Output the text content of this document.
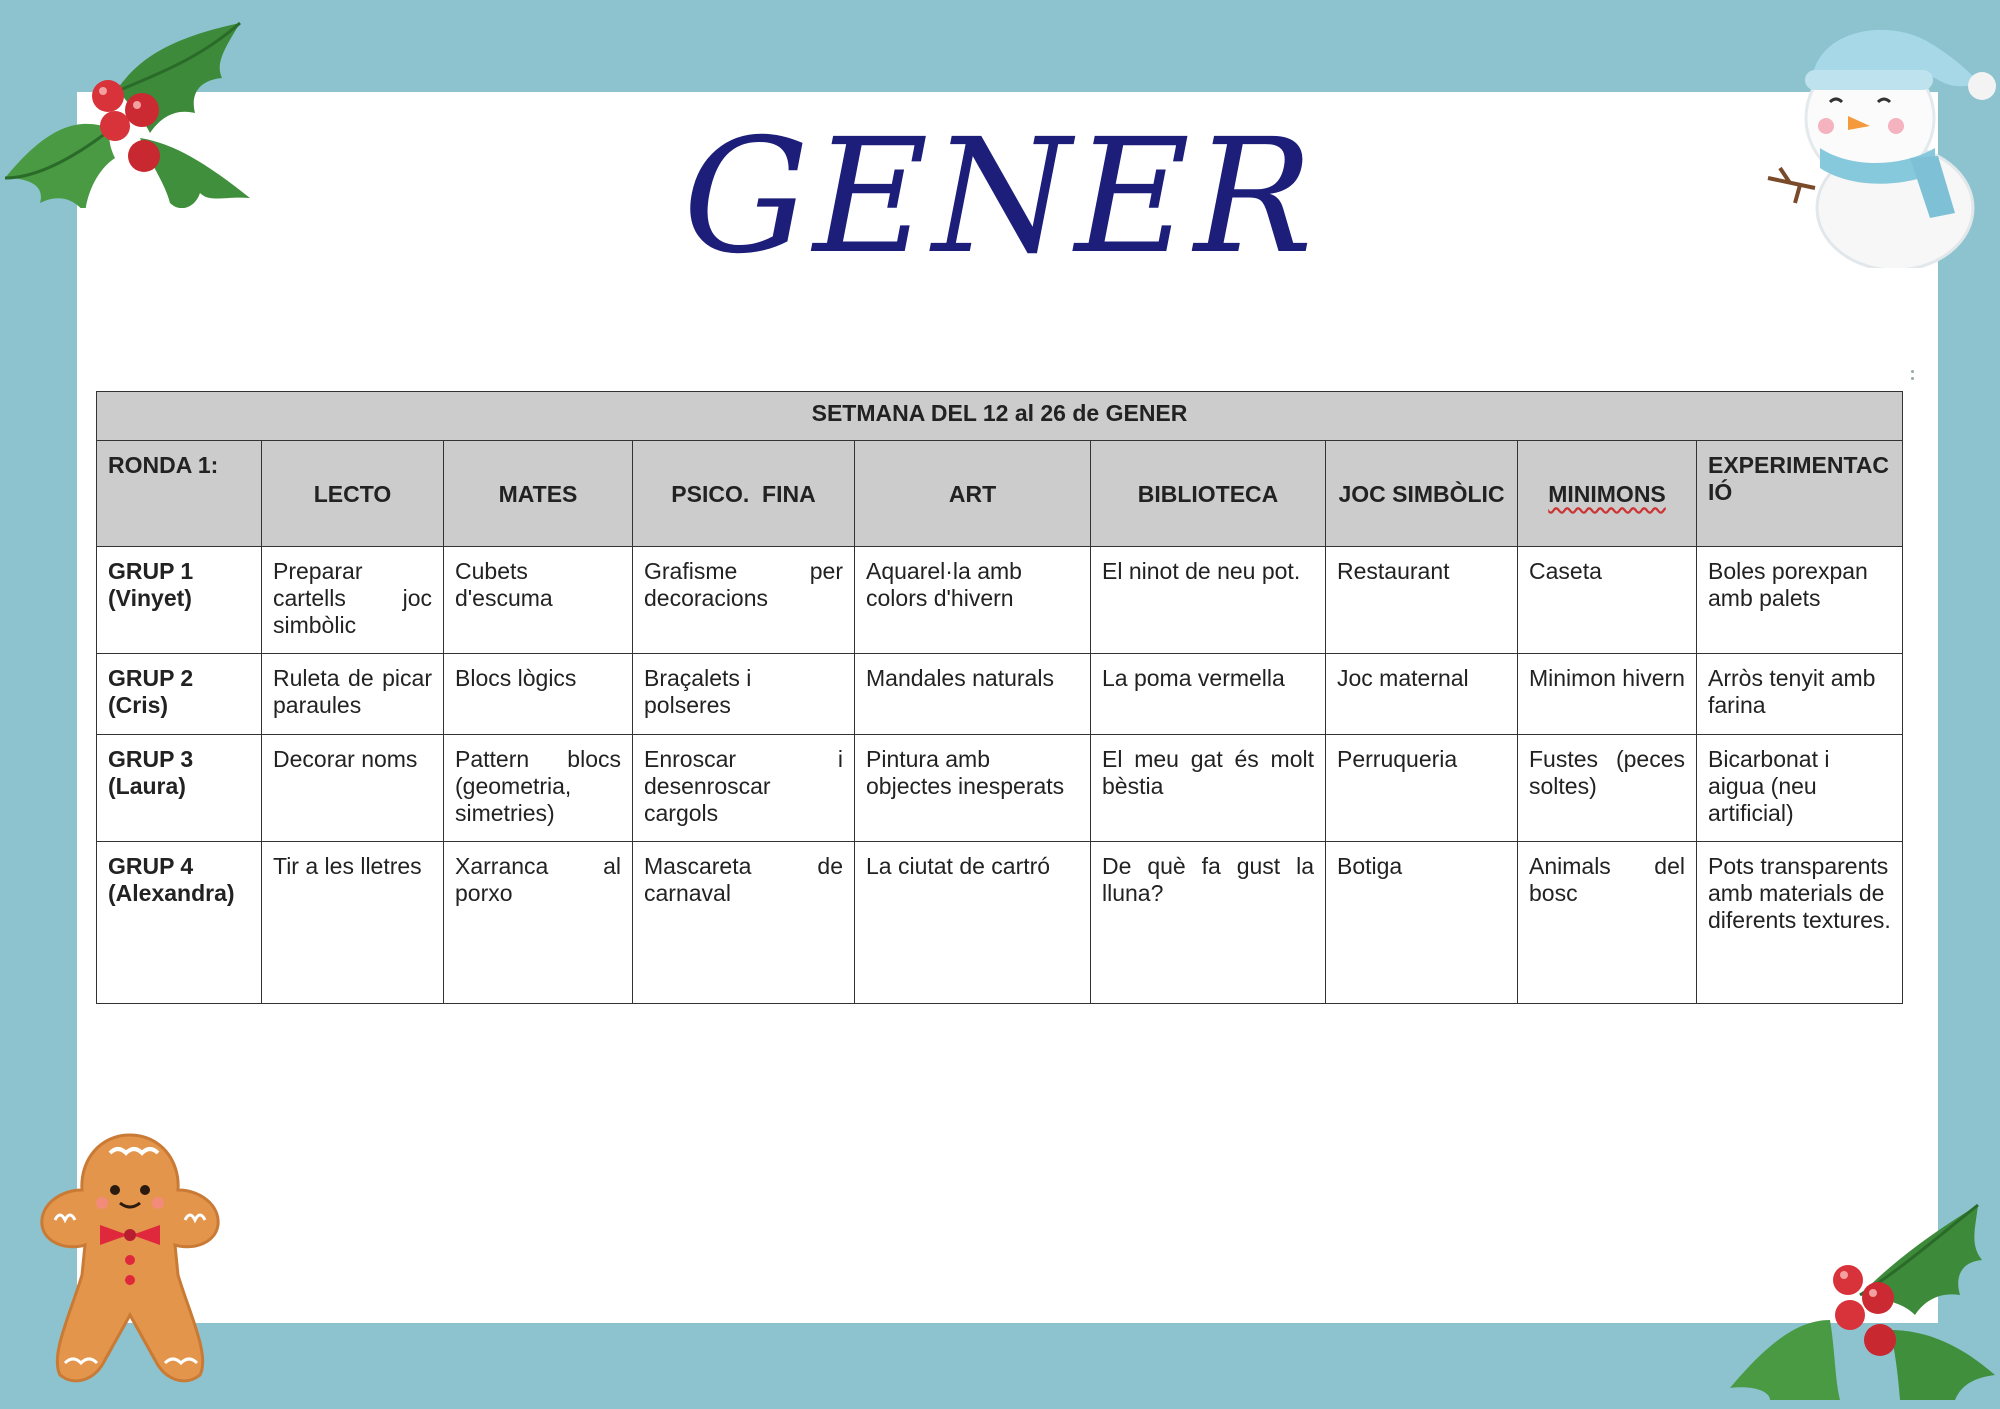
GENER
SETMANA DEL 12 al 26 de GENER								
RONDA 1:	LECTO	MATES	PSICO.  FINA	ART	BIBLIOTECA	JOC SIMBÒLIC	MINIMONS	EXPERIMENTACIÓ
GRUP 1 (Vinyet)	Preparar cartells joc simbòlic	Cubets d'escuma	Grafisme per decoracions	Aquarel·la amb colors d'hivern	El ninot de neu pot.	Restaurant	Caseta	Boles porexpan amb palets
GRUP 2 (Cris)	Ruleta de picar paraules	Blocs lògics	Braçalets i polseres	Mandales naturals	La poma vermella	Joc maternal	Minimon hivern	Arròs tenyit amb farina
GRUP 3 (Laura)	Decorar noms	Pattern blocs (geometria, simetries)	Enroscar i desenroscar cargols	Pintura amb objectes inesperats	El meu gat és molt bèstia	Perruqueria	Fustes (peces soltes)	Bicarbonat i aigua (neu artificial)
GRUP 4 (Alexandra)	Tir a les lletres	Xarranca al porxo	Mascareta de carnaval	La ciutat de cartró	De què fa gust la lluna?	Botiga	Animals del bosc	Pots transparents amb materials de diferents textures.
